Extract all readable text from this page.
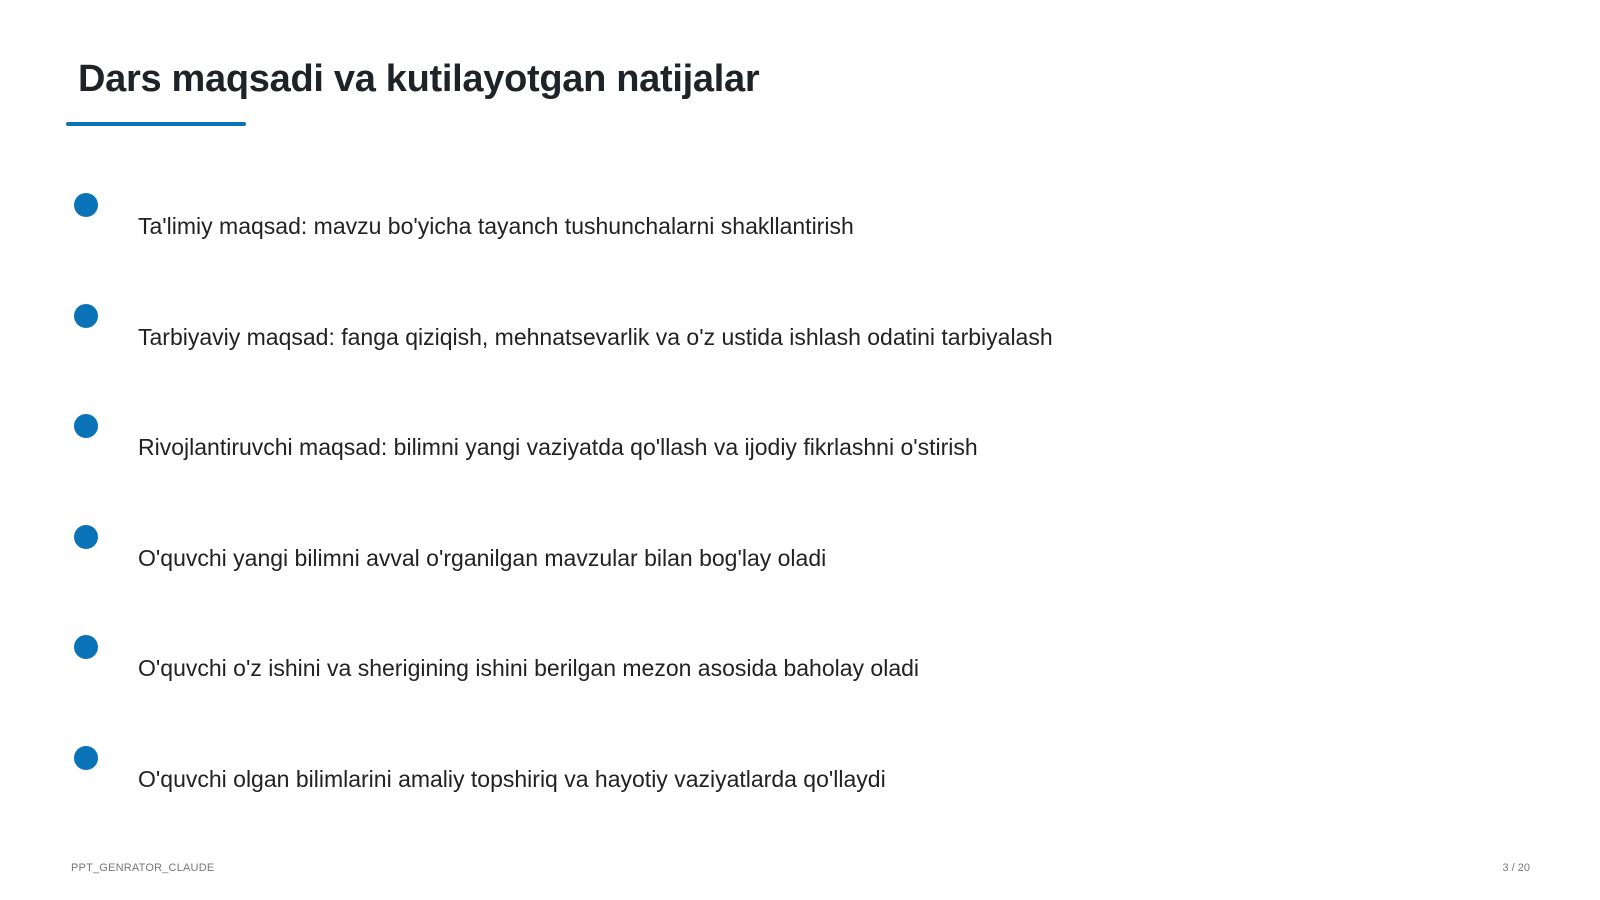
Dars maqsadi va kutilayotgan natijalar
Ta'limiy maqsad: mavzu bo'yicha tayanch tushunchalarni shakllantirish
Tarbiyaviy maqsad: fanga qiziqish, mehnatsevarlik va o'z ustida ishlash odatini tarbiyalash
Rivojlantiruvchi maqsad: bilimni yangi vaziyatda qo'llash va ijodiy fikrlashni o'stirish
O'quvchi yangi bilimni avval o'rganilgan mavzular bilan bog'lay oladi
O'quvchi o'z ishini va sherigining ishini berilgan mezon asosida baholay oladi
O'quvchi olgan bilimlarini amaliy topshiriq va hayotiy vaziyatlarda qo'llaydi
PPT_GENRATOR_CLAUDE	3 / 20
